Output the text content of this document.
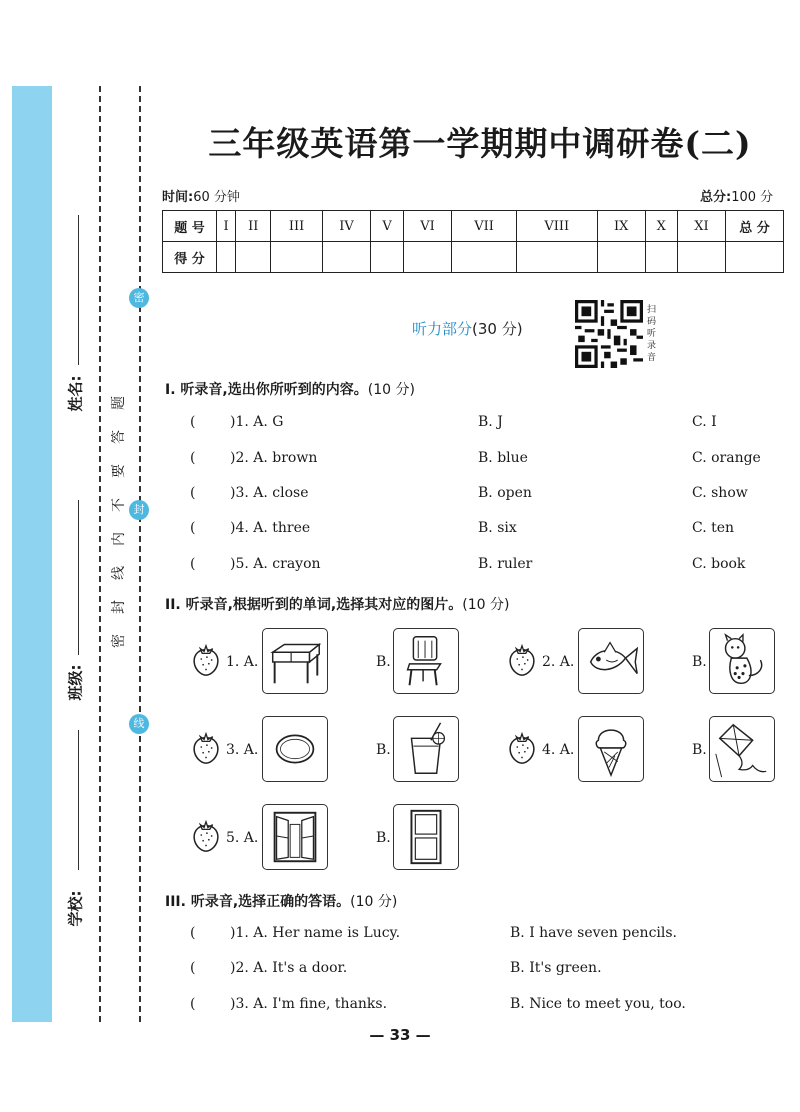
姓名:
班级:
学校:
题
答
要
不
内
线
封
密
密
封
线
三年级英语第一学期期中调研卷(二)
时间:60 分钟	总分:100 分
题 号	I	II	III	IV	V	VI	VII	VIII	IX	X	XI	总 分
得 分												
听力部分(30 分)
扫码听录音
I. 听录音,选出你所听到的内容。(10 分)
( )1. A. G	B. J	C. I
( )2. A. brown	B. blue	C. orange
( )3. A. close	B. open	C. show
( )4. A. three	B. six	C. ten
( )5. A. crayon	B. ruler	C. book
II. 听录音,根据听到的单词,选择其对应的图片。(10 分)
1. A.	B.	2. A.	B.
3. A.	B.	4. A.	B.
5. A.	B.
III. 听录音,选择正确的答语。(10 分)
( )1. A. Her name is Lucy.	B. I have seven pencils.
( )2. A. It's a door.	B. It's green.
( )3. A. I'm fine, thanks.	B. Nice to meet you, too.
— 33 —
